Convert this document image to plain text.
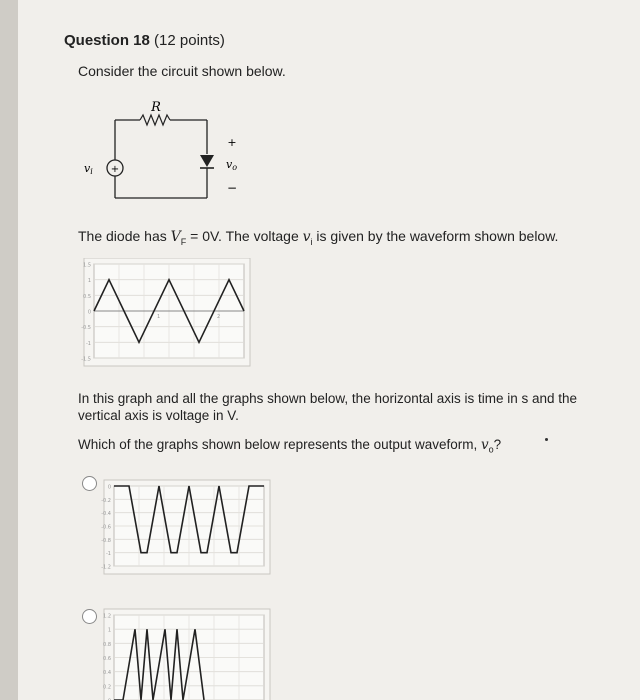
Question 18 (12 points)
Consider the circuit shown below.
+
R
vi
+
vo
−
The diode has $V_F = 0V$. The voltage $v_i$ is given by the waveform shown below.
1.5
1
0.5
0
-0.5
-1
-1.5
1	2
In this graph and all the graphs shown below, the horizontal axis is time in s and the vertical axis is voltage in V.
Which of the graphs shown below represents the output waveform, $v_o$?
0
-0.2
-0.4
-0.6
-0.8
-1
-1.2
1.2
1
0.8
0.6
0.4
0.2
